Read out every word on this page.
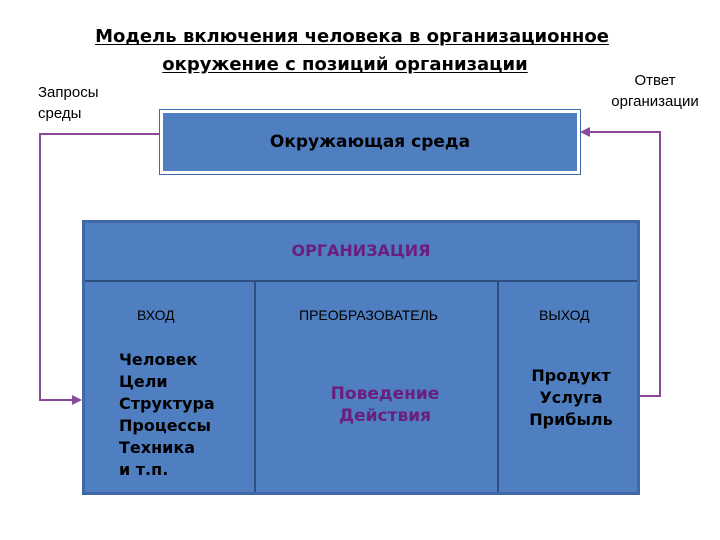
Модель включения человека в организационное
окружение с позиций организации
Запросы
среды
Ответ
организации
Окружающая среда
ОРГАНИЗАЦИЯ
ВХОД	ПРЕОБРАЗОВАТЕЛЬ	ВЫХОД
Человек
Цели
Структура
Процессы
Техника
и т.п.
Поведение
Действия
Продукт
Услуга
Прибыль
